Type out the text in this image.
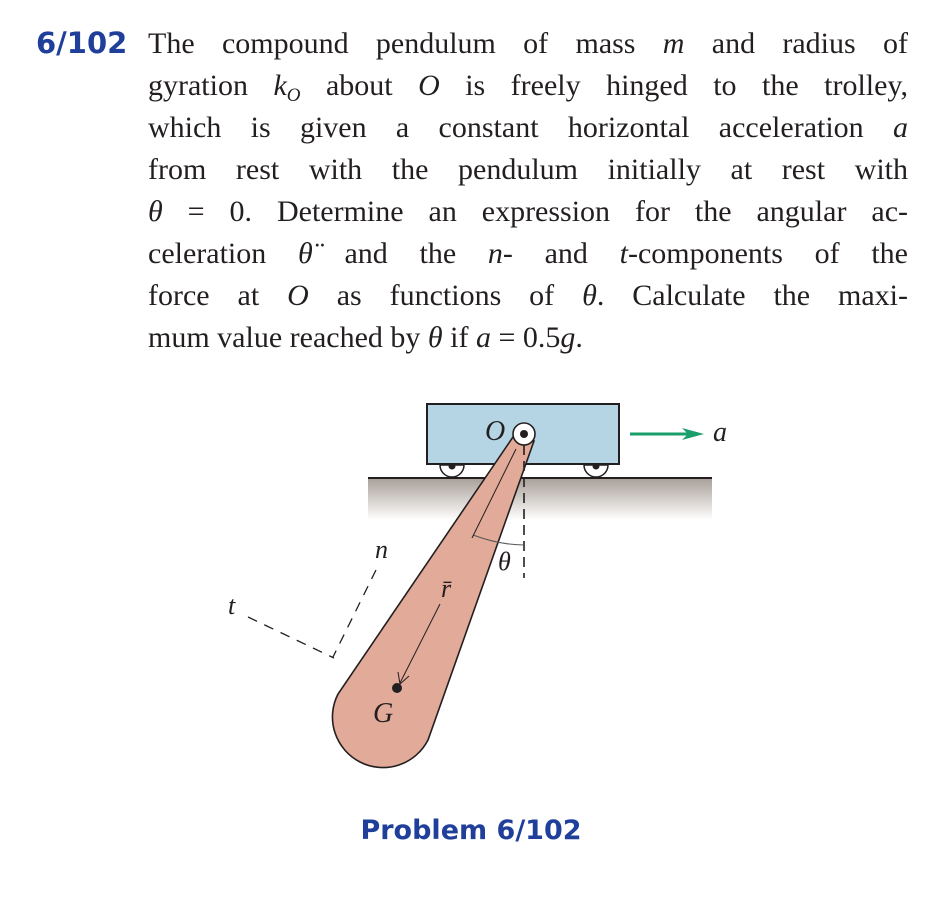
6/102 The compound pendulum of mass m and radius of
gyration $k_O$ about O is freely hinged to the trolley,
which is given a constant horizontal acceleration a
from rest with the pendulum initially at rest with
θ = 0. Determine an expression for the angular ac-
celeration θ̈ and the n- and t-components of the
force at O as functions of θ. Calculate the maxi-
mum value reached by θ if a = 0.5g.
O	a
θ
r̄
n
t
G
Problem 6/102
